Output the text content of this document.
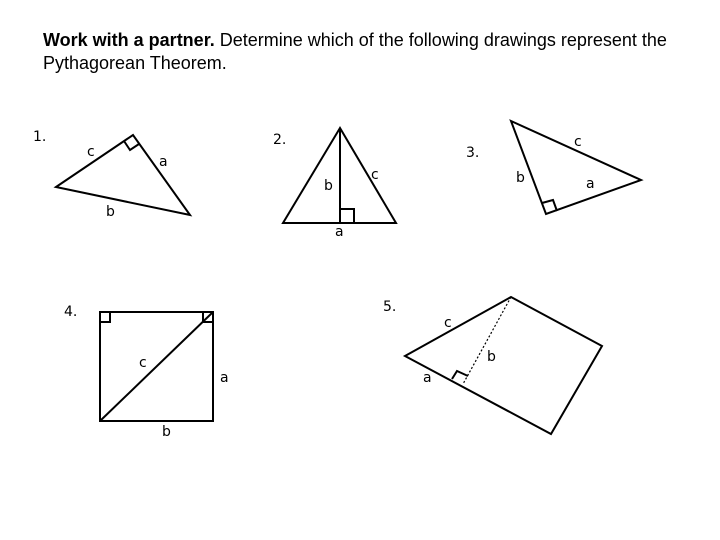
Work with a partner. Determine which of the following drawings represent the Pythagorean Theorem.
1.
c
a
b
2.
b
c
a
3.
c
b	a
4.
c
a
b
5.
c
b
a
